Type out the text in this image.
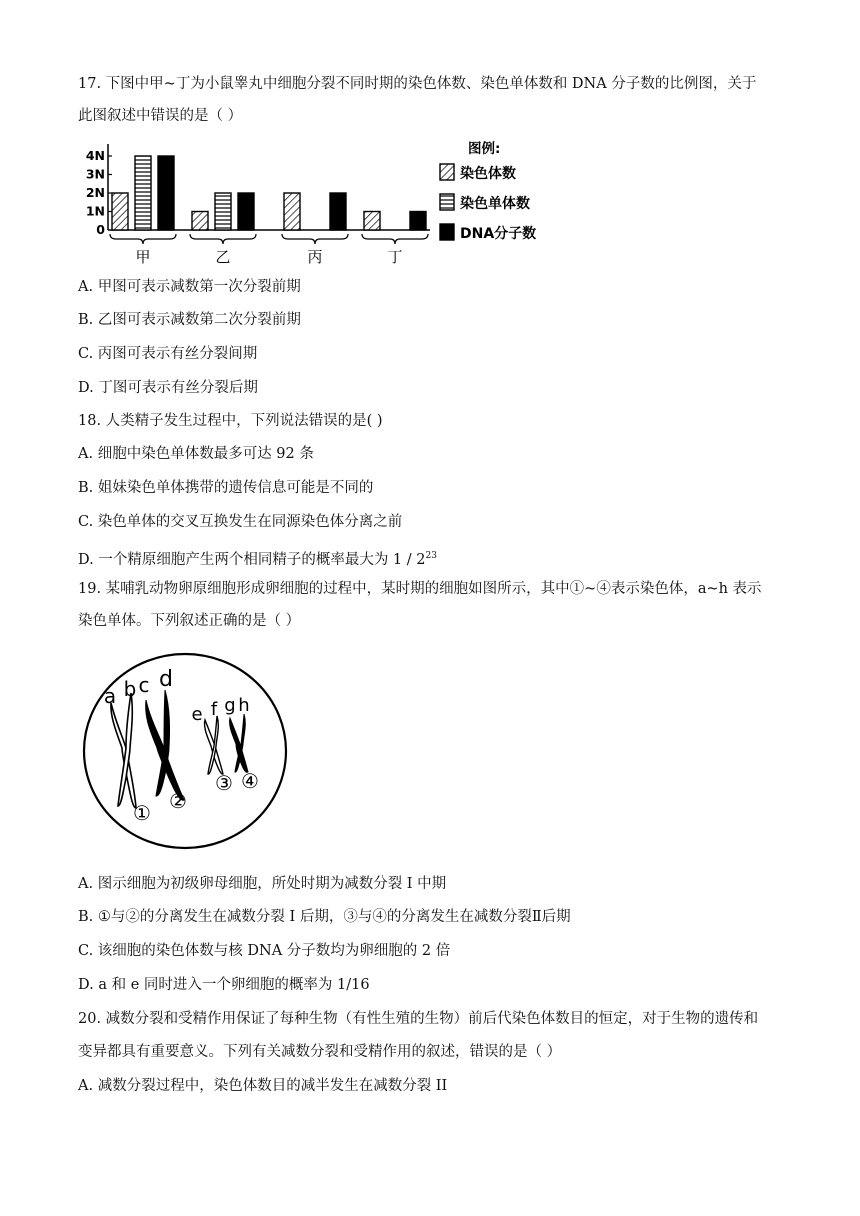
17. 下图中甲~丁为小鼠睾丸中细胞分裂不同时期的染色体数、染色单体数和 DNA 分子数的比例图，关于
此图叙述中错误的是（ ）
4N
3N
2N
1N
0
甲	乙	丙	丁
图例:
染色体数
染色单体数
DNA分子数
A. 甲图可表示减数第一次分裂前期
B. 乙图可表示减数第二次分裂前期
C. 丙图可表示有丝分裂间期
D. 丁图可表示有丝分裂后期
18. 人类精子发生过程中，下列说法错误的是( )
A. 细胞中染色单体数最多可达 92 条
B. 姐妹染色单体携带的遗传信息可能是不同的
C. 染色单体的交叉互换发生在同源染色体分离之前
D. 一个精原细胞产生两个相同精子的概率最大为 $1 / 2^{23}$
19. 某哺乳动物卵原细胞形成卵细胞的过程中，某时期的细胞如图所示，其中①~④表示染色体，a~h 表示
染色单体。下列叙述正确的是（ ）
a b c d
e f g h
① ②
③ ④
A. 图示细胞为初级卵母细胞，所处时期为减数分裂 I 中期
B. ①与②的分离发生在减数分裂 I 后期，③与④的分离发生在减数分裂Ⅱ后期
C. 该细胞的染色体数与核 DNA 分子数均为卵细胞的 2 倍
D. a 和 e 同时进入一个卵细胞的概率为 1/16
20. 减数分裂和受精作用保证了每种生物（有性生殖的生物）前后代染色体数目的恒定，对于生物的遗传和
变异都具有重要意义。下列有关减数分裂和受精作用的叙述，错误的是（ ）
A. 减数分裂过程中，染色体数目的减半发生在减数分裂 II
